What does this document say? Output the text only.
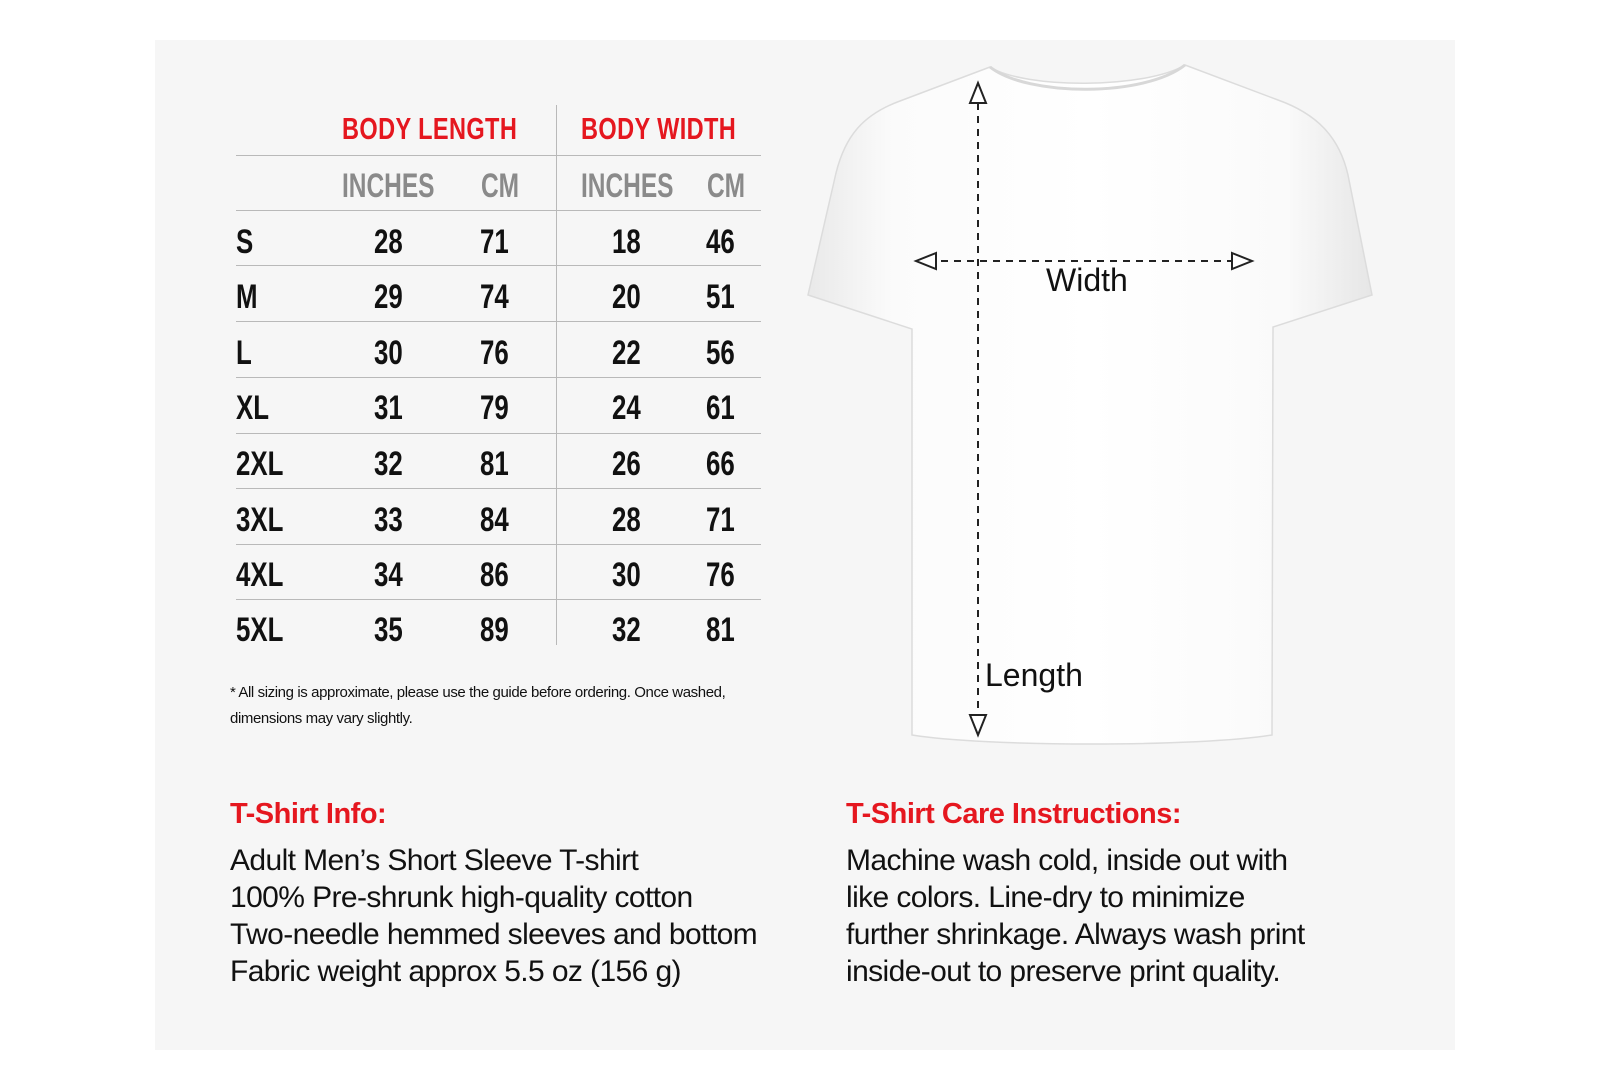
BODY LENGTH BODY WIDTH
INCHES CM INCHES CM
S	28 71	18 46
M	29 74	20 51
L	30 76	22 56
XL	31 79	24 61
2XL	32 81	26 66
3XL	33 84	28 71
4XL	34 86	30 76
5XL	35 89	32 81
* All sizing is approximate, please use the guide before ordering. Once washed,
dimensions may vary slightly.
Width
Length
T-Shirt Info:
Adult Men’s Short Sleeve T-shirt
100% Pre-shrunk high-quality cotton
Two-needle hemmed sleeves and bottom
Fabric weight approx 5.5 oz (156 g)
T-Shirt Care Instructions:
Machine wash cold, inside out with
like colors. Line-dry to minimize
further shrinkage. Always wash print
inside-out to preserve print quality.
